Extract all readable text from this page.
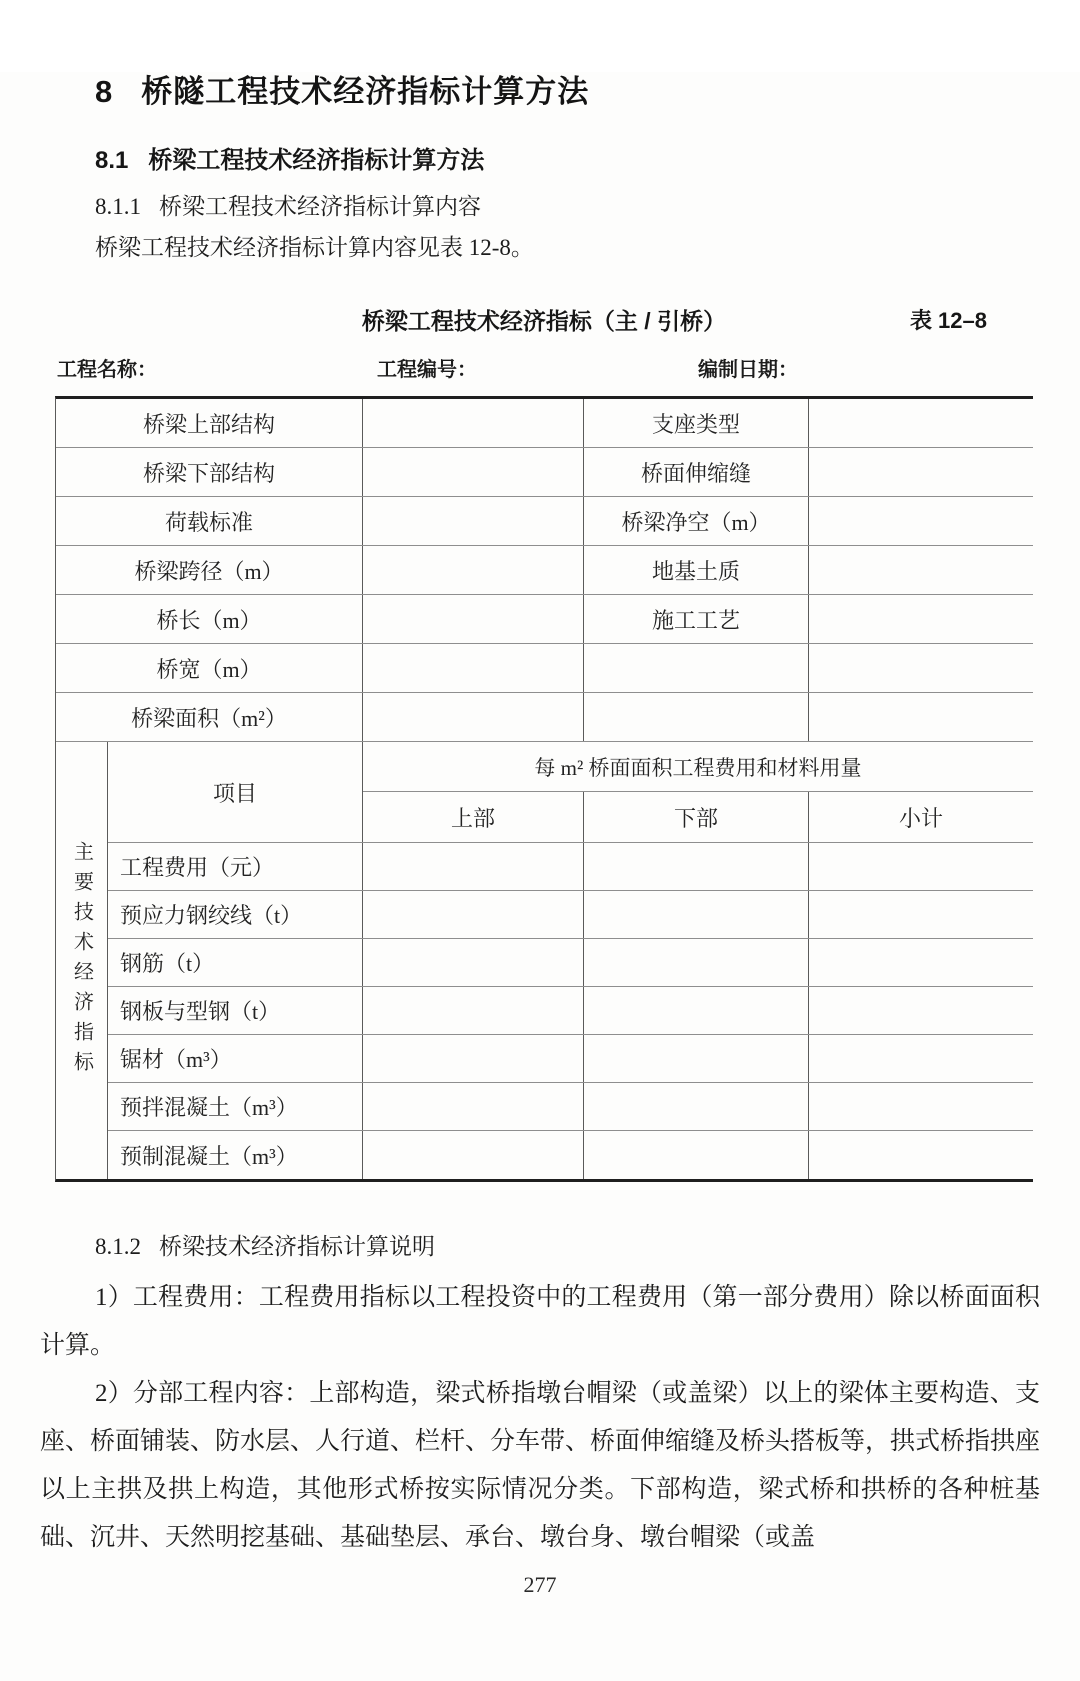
8 桥隧工程技术经济指标计算方法
8.1 桥梁工程技术经济指标计算方法
8.1.1 桥梁工程技术经济指标计算内容

桥梁工程技术经济指标计算内容见表 12-8。

桥梁工程技术经济指标（主 / 引桥）	表 12–8
工程名称：	工程编号：	编制日期：
桥梁上部结构	支座类型
桥梁下部结构	桥面伸缩缝
荷载标准	桥梁净空（m）
桥梁跨径（m）	地基土质
桥长（m）	施工工艺
桥宽（m）
桥梁面积（m²）
主要技术经济指标
项目
每 m² 桥面面积工程费用和材料用量
上部	下部	小计
工程费用（元）
预应力钢绞线（t）
钢筋（t）
钢板与型钢（t）
锯材（m³）
预拌混凝土（m³）
预制混凝土（m³）
8.1.2 桥梁技术经济指标计算说明

1）工程费用：工程费用指标以工程投资中的工程费用（第一部分费用）除以桥面面积计算。

2）分部工程内容：上部构造，梁式桥指墩台帽梁（或盖梁）以上的梁体主要构造、支座、桥面铺装、防水层、人行道、栏杆、分车带、桥面伸缩缝及桥头搭板等，拱式桥指拱座以上主拱及拱上构造，其他形式桥按实际情况分类。下部构造，梁式桥和拱桥的各种桩基础、沉井、天然明挖基础、基础垫层、承台、墩台身、墩台帽梁（或盖

277
